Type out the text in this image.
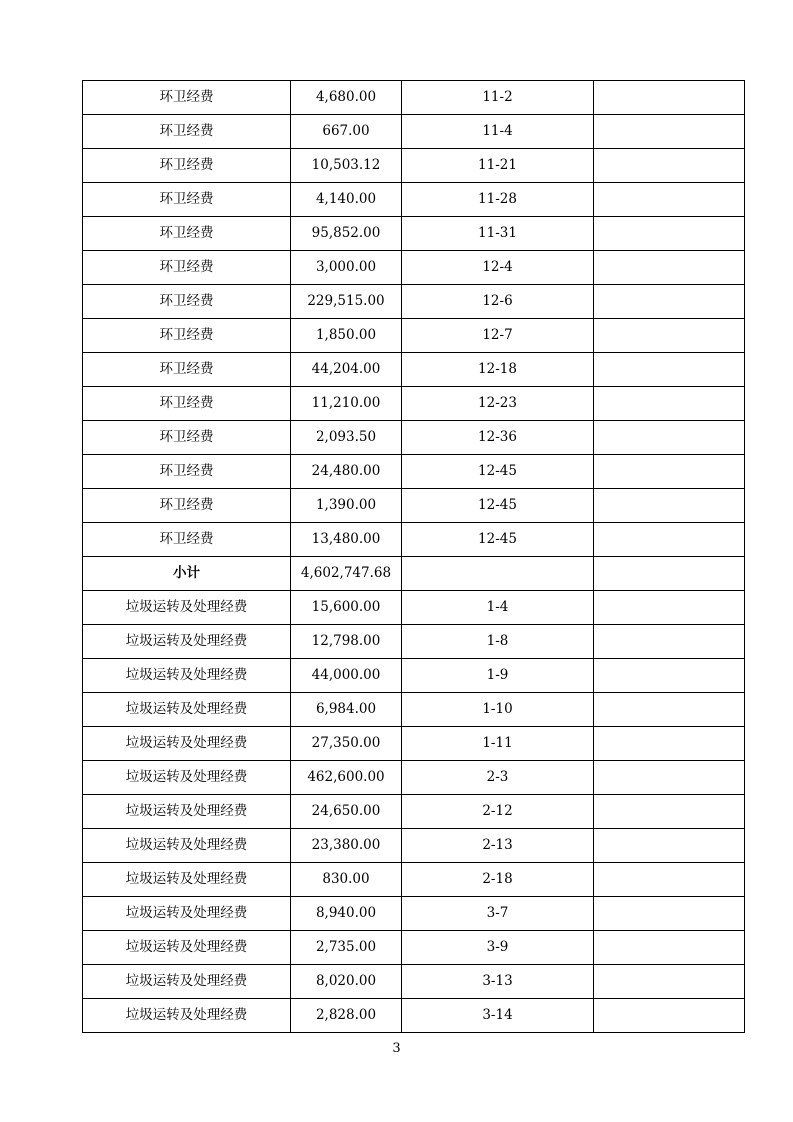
环卫经费	4,680.00	11-2	
环卫经费	667.00	11-4	
环卫经费	10,503.12	11-21	
环卫经费	4,140.00	11-28	
环卫经费	95,852.00	11-31	
环卫经费	3,000.00	12-4	
环卫经费	229,515.00	12-6	
环卫经费	1,850.00	12-7	
环卫经费	44,204.00	12-18	
环卫经费	11,210.00	12-23	
环卫经费	2,093.50	12-36	
环卫经费	24,480.00	12-45	
环卫经费	1,390.00	12-45	
环卫经费	13,480.00	12-45	
小计	4,602,747.68		
垃圾运转及处理经费	15,600.00	1-4	
垃圾运转及处理经费	12,798.00	1-8	
垃圾运转及处理经费	44,000.00	1-9	
垃圾运转及处理经费	6,984.00	1-10	
垃圾运转及处理经费	27,350.00	1-11	
垃圾运转及处理经费	462,600.00	2-3	
垃圾运转及处理经费	24,650.00	2-12	
垃圾运转及处理经费	23,380.00	2-13	
垃圾运转及处理经费	830.00	2-18	
垃圾运转及处理经费	8,940.00	3-7	
垃圾运转及处理经费	2,735.00	3-9	
垃圾运转及处理经费	8,020.00	3-13	
垃圾运转及处理经费	2,828.00	3-14	
3
